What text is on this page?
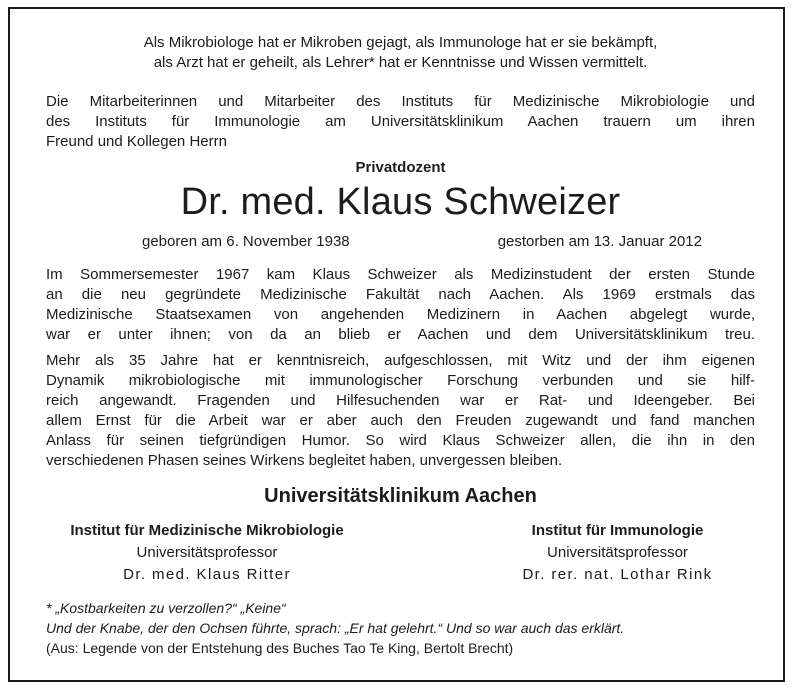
Als Mikrobiologe hat er Mikroben gejagt, als Immunologe hat er sie bekämpft,
als Arzt hat er geheilt, als Lehrer* hat er Kenntnisse und Wissen vermittelt.
Die Mitarbeiterinnen und Mitarbeiter des Instituts für Medizinische Mikrobiologie und
des Instituts für Immunologie am Universitätsklinikum Aachen trauern um ihren
Freund und Kollegen Herrn
Privatdozent
Dr. med. Klaus Schweizer
geboren am 6. November 1938	gestorben am 13. Januar 2012
Im Sommersemester 1967 kam Klaus Schweizer als Medizinstudent der ersten Stunde
an die neu gegründete Medizinische Fakultät nach Aachen. Als 1969 erstmals das
Medizinische Staatsexamen von angehenden Medizinern in Aachen abgelegt wurde,
war er unter ihnen; von da an blieb er Aachen und dem Universitätsklinikum treu.
Mehr als 35 Jahre hat er kenntnisreich, aufgeschlossen, mit Witz und der ihm eigenen
Dynamik mikrobiologische mit immunologischer Forschung verbunden und sie hilf-
reich angewandt. Fragenden und Hilfesuchenden war er Rat- und Ideengeber. Bei
allem Ernst für die Arbeit war er aber auch den Freuden zugewandt und fand manchen
Anlass für seinen tiefgründigen Humor. So wird Klaus Schweizer allen, die ihn in den
verschiedenen Phasen seines Wirkens begleitet haben, unvergessen bleiben.
Universitätsklinikum Aachen
Institut für Medizinische Mikrobiologie
Universitätsprofessor
Dr. med. Klaus Ritter
Institut für Immunologie
Universitätsprofessor
Dr. rer. nat. Lothar Rink
* „Kostbarkeiten zu verzollen?“ „Keine“
Und der Knabe, der den Ochsen führte, sprach: „Er hat gelehrt.“ Und so war auch das erklärt.
(Aus: Legende von der Entstehung des Buches Tao Te King, Bertolt Brecht)
